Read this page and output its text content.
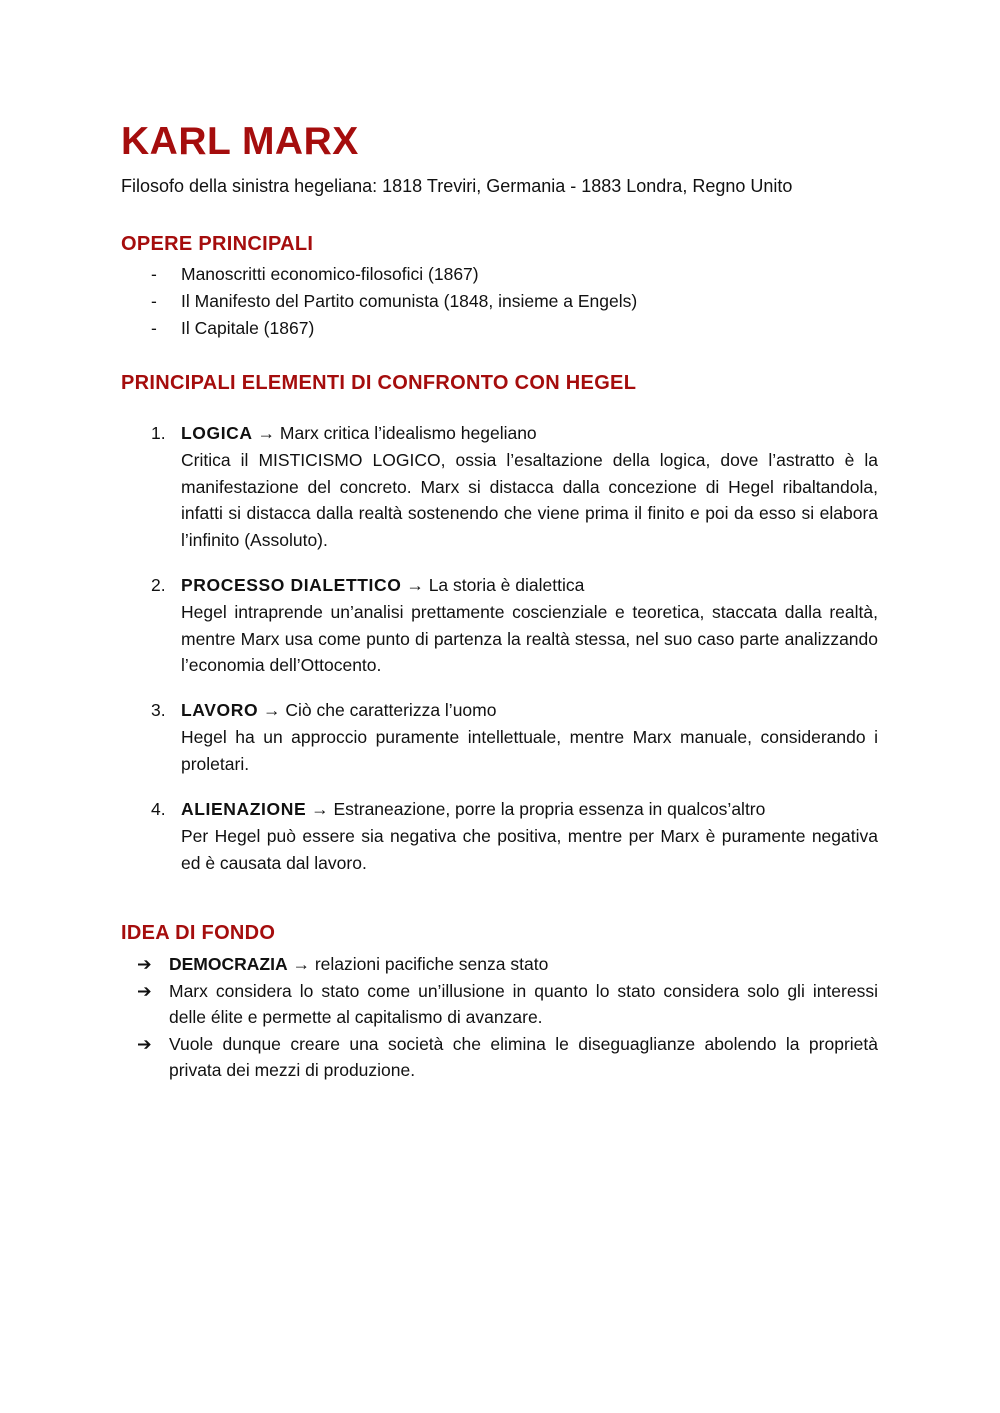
KARL MARX

Filosofo della sinistra hegeliana: 1818 Treviri, Germania - 1883 Londra, Regno Unito

OPERE PRINCIPALI
- Manoscritti economico-filosofici (1867)
- Il Manifesto del Partito comunista (1848, insieme a Engels)
- Il Capitale (1867)
PRINCIPALI ELEMENTI DI CONFRONTO CON HEGEL
1. LOGICA → Marx critica l’idealismo hegeliano
Critica il MISTICISMO LOGICO, ossia l’esaltazione della logica, dove l’astratto è la manifestazione del concreto. Marx si distacca dalla concezione di Hegel ribaltandola, infatti si distacca dalla realtà sostenendo che viene prima il finito e poi da esso si elabora l’infinito (Assoluto).
2. PROCESSO DIALETTICO → La storia è dialettica
Hegel intraprende un’analisi prettamente coscienziale e teoretica, staccata dalla realtà, mentre Marx usa come punto di partenza la realtà stessa, nel suo caso parte analizzando l’economia dell’Ottocento.
3. LAVORO → Ciò che caratterizza l’uomo
Hegel ha un approccio puramente intellettuale, mentre Marx manuale, considerando i proletari.
4. ALIENAZIONE → Estraneazione, porre la propria essenza in qualcos’altro
Per Hegel può essere sia negativa che positiva, mentre per Marx è puramente negativa ed è causata dal lavoro.
IDEA DI FONDO
➔ DEMOCRAZIA → relazioni pacifiche senza stato
➔ Marx considera lo stato come un’illusione in quanto lo stato considera solo gli interessi delle élite e permette al capitalismo di avanzare.
➔ Vuole dunque creare una società che elimina le diseguaglianze abolendo la proprietà privata dei mezzi di produzione.
